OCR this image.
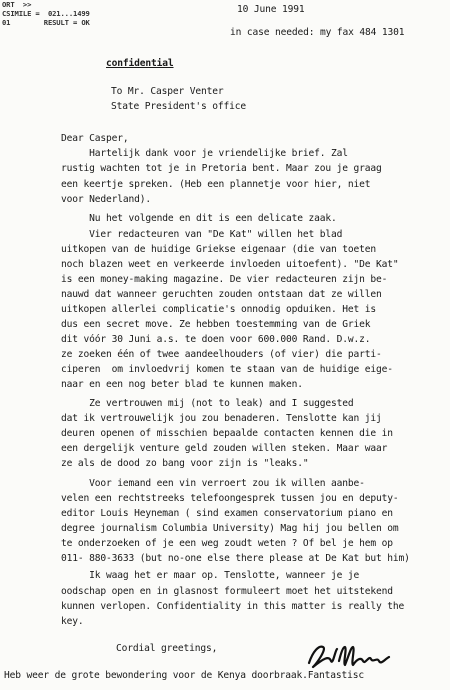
ORT  >>
CSIMILE =  021...1499
01        RESULT = OK
10 June 1991
in case needed: my fax 484 1301
confidential
To Mr. Casper Venter
State President's office
Dear Casper,
Hartelijk dank voor je vriendelijke brief. Zal
rustig wachten tot je in Pretoria bent. Maar zou je graag
een keertje spreken. (Heb een plannetje voor hier, niet
voor Nederland).
Nu het volgende en dit is een delicate zaak.
Vier redacteuren van "De Kat" willen het blad
uitkopen van de huidige Griekse eigenaar (die van toeten
noch blazen weet en verkeerde invloeden uitoefent). "De Kat"
is een money-making magazine. De vier redacteuren zijn be-
nauwd dat wanneer geruchten zouden ontstaan dat ze willen
uitkopen allerlei complicatie's onnodig opduiken. Het is
dus een secret move. Ze hebben toestemming van de Griek
dit vóór 30 Juni a.s. te doen voor 600.000 Rand. D.w.z.
ze zoeken één of twee aandeelhouders (of vier) die parti-
ciperen  om invloedvrij komen te staan van de huidige eige-
naar en een nog beter blad te kunnen maken.
Ze vertrouwen mij (not to leak) and I suggested
dat ik vertrouwelijk jou zou benaderen. Tenslotte kan jij
deuren openen of misschien bepaalde contacten kennen die in
een dergelijk venture geld zouden willen steken. Maar waar
ze als de dood zo bang voor zijn is "leaks."
Voor iemand een vin verroert zou ik willen aanbe-
velen een rechtstreeks telefoongesprek tussen jou en deputy-
editor Louis Heyneman ( sind examen conservatorium piano en
degree journalism Columbia University) Mag hij jou bellen om
te onderzoeken of je een weg zoudt weten ? Of bel je hem op
011- 880-3633 (but no-one else there please at De Kat but him)
Ik waag het er maar op. Tenslotte, wanneer je je
oodschap open en in glasnost formuleert moet het uitstekend
kunnen verlopen. Confidentiality in this matter is really the
key.
Cordial greetings,
Heb weer de grote bewondering voor de Kenya doorbraak.Fantastisc
